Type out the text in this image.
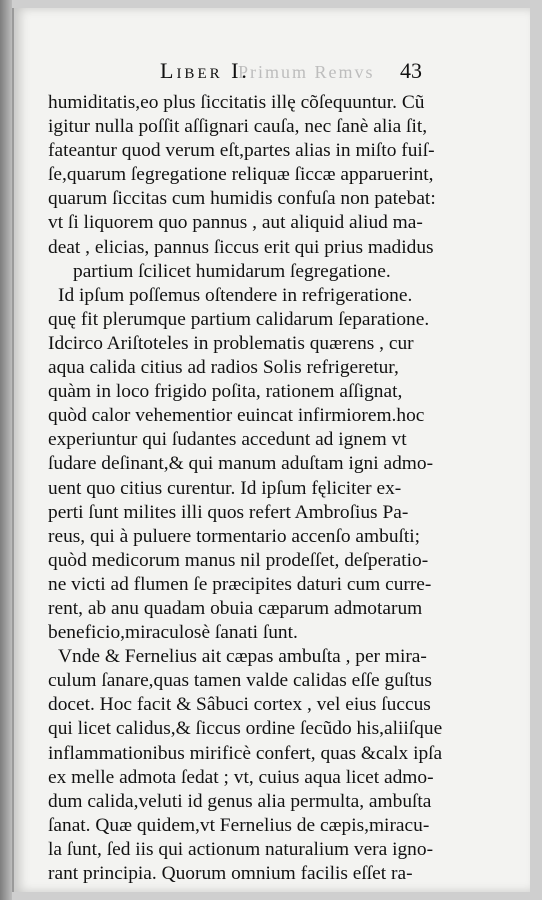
Primum Remvs
Liber I.	43
humiditatis,eo plus ſiccitatis illę cõſequuntur. Cũ
igitur nulla poſſit aſſignari cauſa, nec ſanè alia ſit,
fateantur quod verum eſt,partes alias in miſto fuiſ-
ſe,quarum ſegregatione reliquæ ſiccæ apparuerint,
quarum ſiccitas cum humidis confuſa non patebat:
vt ſi liquorem quo pannus , aut aliquid aliud ma-
deat , elicias, pannus ſiccus erit qui prius madidus
partium ſcilicet humidarum ſegregatione.
Id ipſum poſſemus oſtendere in refrigeratione.
quę fit plerumque partium calidarum ſeparatione.
Idcirco Ariſtoteles in problematis quærens , cur
aqua calida citius ad radios Solis refrigeretur,
quàm in loco frigido poſita, rationem aſſignat,
quòd calor vehementior euincat infirmiorem.hoc
experiuntur qui ſudantes accedunt ad ignem vt
ſudare deſinant,& qui manum aduſtam igni admo-
uent quo citius curentur. Id ipſum fęliciter ex-
perti ſunt milites illi quos refert Ambroſius Pa-
reus, qui à puluere tormentario accenſo ambuſti;
quòd medicorum manus nil prodeſſet, deſperatio-
ne victi ad flumen ſe præcipites daturi cum curre-
rent, ab anu quadam obuia cæparum admotarum
beneficio,miraculosè ſanati ſunt.
Vnde & Fernelius ait cæpas ambuſta , per mira-
culum ſanare,quas tamen valde calidas eſſe guſtus
docet. Hoc facit & Sâbuci cortex , vel eius ſuccus
qui licet calidus,& ſiccus ordine ſecũdo his,aliiſque
inflammationibus mirificè confert, quas &calx ipſa
ex melle admota ſedat ; vt, cuius aqua licet admo-
dum calida,veluti id genus alia permulta, ambuſta
ſanat. Quæ quidem,vt Fernelius de cæpis,miracu-
la ſunt, ſed iis qui actionum naturalium vera igno-
rant principia. Quorum omnium facilis eſſet ra-
